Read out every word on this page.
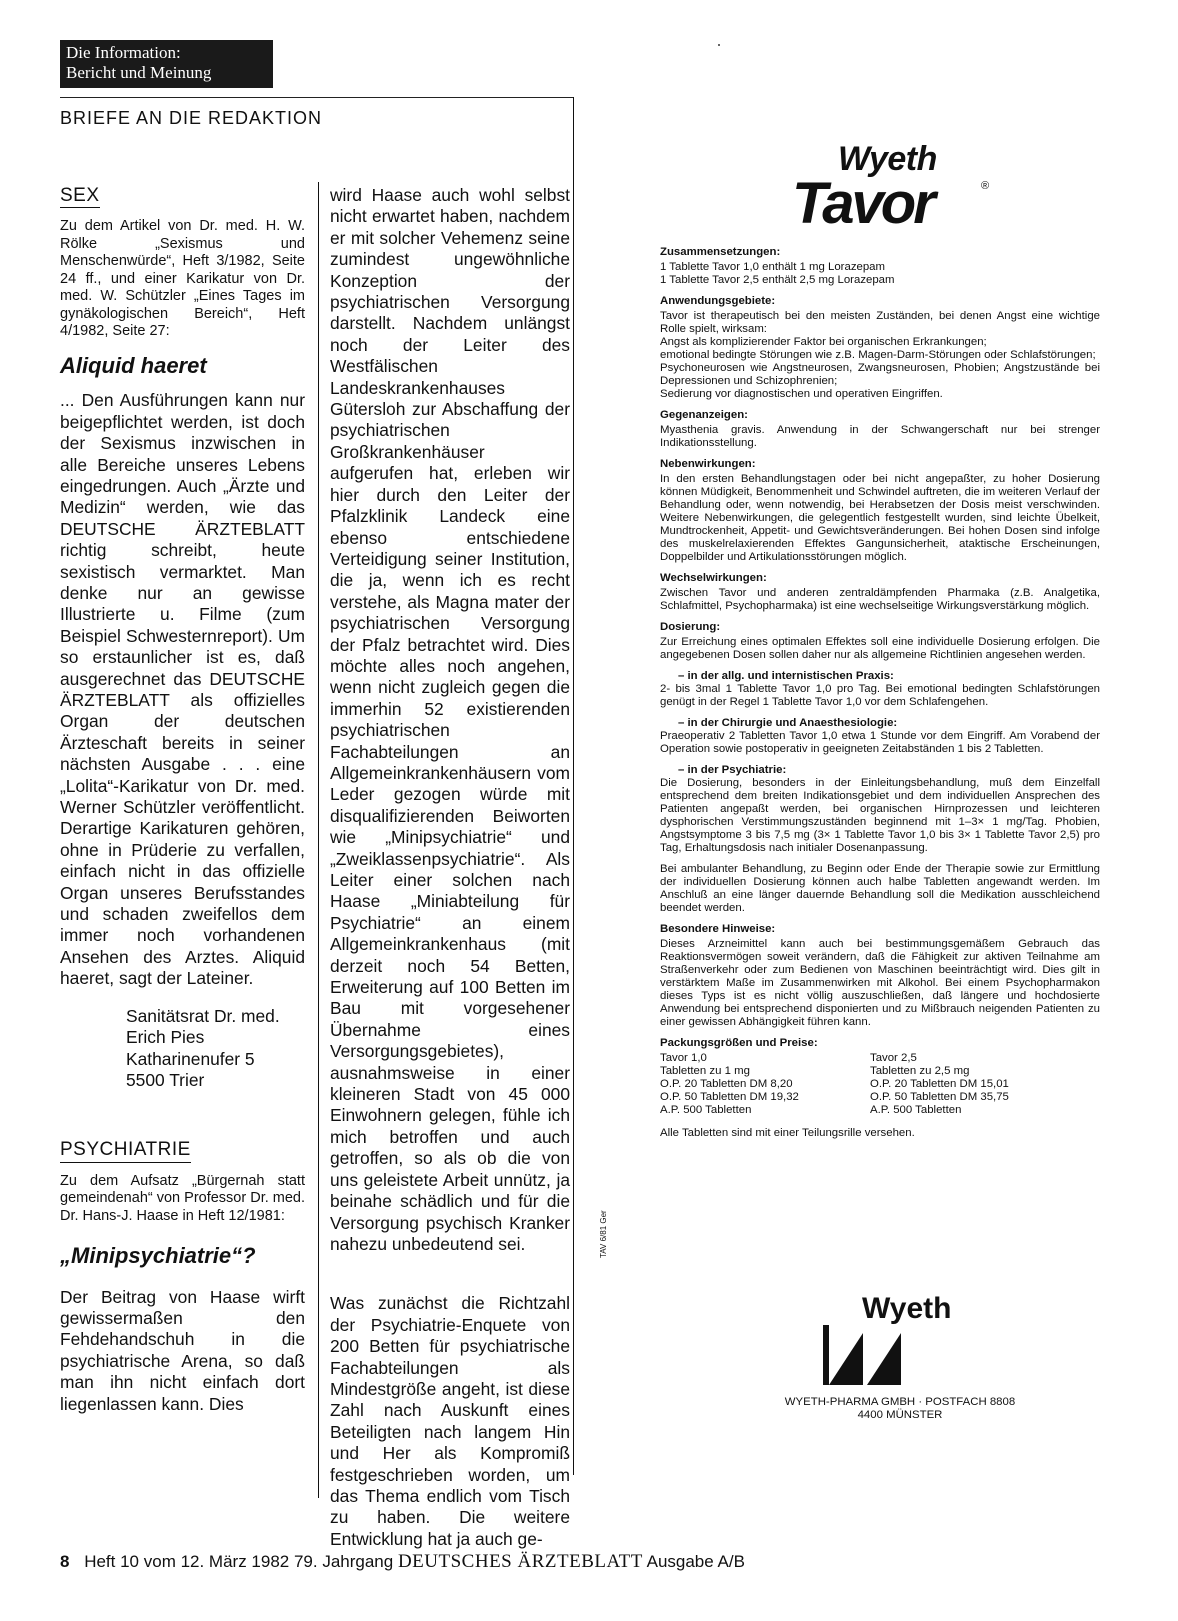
Die Information:
Bericht und Meinung
BRIEFE AN DIE REDAKTION
SEX

Zu dem Artikel von Dr. med. H. W. Rölke „Sexismus und Menschenwürde“, Heft 3/1982, Seite 24 ff., und einer Karikatur von Dr. med. W. Schützler „Eines Tages im gynäkologischen Bereich“, Heft 4/1982, Seite 27:

Aliquid haeret

... Den Ausführungen kann nur beigepflichtet werden, ist doch der Sexismus inzwischen in alle Bereiche unseres Lebens eingedrungen. Auch „Ärzte und Medizin“ werden, wie das DEUTSCHE ÄRZTEBLATT richtig schreibt, heute sexistisch vermarktet. Man denke nur an gewisse Illustrierte u. Filme (zum Beispiel Schwesternreport). Um so erstaunlicher ist es, daß ausgerechnet das DEUTSCHE ÄRZTEBLATT als offizielles Organ der deutschen Ärzteschaft bereits in seiner nächsten Ausgabe . . . eine „Lolita“-Karikatur von Dr. med. Werner Schützler veröffentlicht. Derartige Karikaturen gehören, ohne in Prüderie zu verfallen, einfach nicht in das offizielle Organ unseres Berufsstandes und schaden zweifellos dem immer noch vorhandenen Ansehen des Arztes. Aliquid haeret, sagt der Lateiner.

Sanitätsrat Dr. med.
Erich Pies
Katharinenufer 5
5500 Trier
PSYCHIATRIE

Zu dem Aufsatz „Bürgernah statt gemeindenah“ von Professor Dr. med. Dr. Hans-J. Haase in Heft 12/1981:

„Minipsychiatrie“?

Der Beitrag von Haase wirft gewissermaßen den Fehdehandschuh in die psychiatrische Arena, so daß man ihn nicht einfach dort liegenlassen kann. Dies

wird Haase auch wohl selbst nicht erwartet haben, nachdem er mit solcher Vehemenz seine zumindest ungewöhnliche Konzeption der psychiatrischen Versorgung darstellt. Nachdem unlängst noch der Leiter des Westfälischen Landeskrankenhauses Gütersloh zur Abschaffung der psychiatrischen Großkrankenhäuser aufgerufen hat, erleben wir hier durch den Leiter der Pfalzklinik Landeck eine ebenso entschiedene Verteidigung seiner Institution, die ja, wenn ich es recht verstehe, als Magna mater der psychiatrischen Versorgung der Pfalz betrachtet wird. Dies möchte alles noch angehen, wenn nicht zugleich gegen die immerhin 52 existierenden psychiatrischen Fachabteilungen an Allgemeinkrankenhäusern vom Leder gezogen würde mit disqualifizierenden Beiworten wie „Minipsychiatrie“ und „Zweiklassenpsychiatrie“. Als Leiter einer solchen nach Haase „Miniabteilung für Psychiatrie“ an einem Allgemeinkrankenhaus (mit derzeit noch 54 Betten, Erweiterung auf 100 Betten im Bau mit vorgesehener Übernahme eines Versorgungsgebietes), ausnahmsweise in einer kleineren Stadt von 45 000 Einwohnern gelegen, fühle ich mich betroffen und auch getroffen, so als ob die von uns geleistete Arbeit unnütz, ja beinahe schädlich und für die Versorgung psychisch Kranker nahezu unbedeutend sei.

Was zunächst die Richtzahl der Psychiatrie-Enquete von 200 Betten für psychiatrische Fachabteilungen als Mindestgröße angeht, ist diese Zahl nach Auskunft eines Beteiligten nach langem Hin und Her als Kompromiß festgeschrieben worden, um das Thema endlich vom Tisch zu haben. Die weitere Entwicklung hat ja auch ge-

TAV 6/81 Ger
Wyeth
Tavor	®
Zusammensetzungen:

1 Tablette Tavor 1,0 enthält 1 mg Lorazepam

1 Tablette Tavor 2,5 enthält 2,5 mg Lorazepam

Anwendungsgebiete:

Tavor ist therapeutisch bei den meisten Zuständen, bei denen Angst eine wichtige Rolle spielt, wirksam:

Angst als komplizierender Faktor bei organischen Erkrankungen;

emotional bedingte Störungen wie z.B. Magen-Darm-Störungen oder Schlafstörungen;

Psychoneurosen wie Angstneurosen, Zwangsneurosen, Phobien; Angstzustände bei Depressionen und Schizophrenien;

Sedierung vor diagnostischen und operativen Eingriffen.

Gegenanzeigen:

Myasthenia gravis. Anwendung in der Schwangerschaft nur bei strenger Indikationsstellung.

Nebenwirkungen:

In den ersten Behandlungstagen oder bei nicht angepaßter, zu hoher Dosierung können Müdigkeit, Benommenheit und Schwindel auftreten, die im weiteren Verlauf der Behandlung oder, wenn notwendig, bei Herabsetzen der Dosis meist verschwinden. Weitere Nebenwirkungen, die gelegentlich festgestellt wurden, sind leichte Übelkeit, Mundtrockenheit, Appetit- und Gewichtsveränderungen. Bei hohen Dosen sind infolge des muskelrelaxierenden Effektes Gangunsicherheit, ataktische Erscheinungen, Doppelbilder und Artikulationsstörungen möglich.

Wechselwirkungen:

Zwischen Tavor und anderen zentraldämpfenden Pharmaka (z.B. Analgetika, Schlafmittel, Psychopharmaka) ist eine wechselseitige Wirkungsverstärkung möglich.

Dosierung:

Zur Erreichung eines optimalen Effektes soll eine individuelle Dosierung erfolgen. Die angegebenen Dosen sollen daher nur als allgemeine Richtlinien angesehen werden.

– in der allg. und internistischen Praxis:

2- bis 3mal 1 Tablette Tavor 1,0 pro Tag. Bei emotional bedingten Schlafstörungen genügt in der Regel 1 Tablette Tavor 1,0 vor dem Schlafengehen.

– in der Chirurgie und Anaesthesiologie:

Praeoperativ 2 Tabletten Tavor 1,0 etwa 1 Stunde vor dem Eingriff. Am Vorabend der Operation sowie postoperativ in geeigneten Zeitabständen 1 bis 2 Tabletten.

– in der Psychiatrie:

Die Dosierung, besonders in der Einleitungsbehandlung, muß dem Einzelfall entsprechend dem breiten Indikationsgebiet und dem individuellen Ansprechen des Patienten angepaßt werden, bei organischen Hirnprozessen und leichteren dysphorischen Verstimmungszuständen beginnend mit 1–3× 1 mg/Tag. Phobien, Angstsymptome 3 bis 7,5 mg (3× 1 Tablette Tavor 1,0 bis 3× 1 Tablette Tavor 2,5) pro Tag, Erhaltungsdosis nach initialer Dosenanpassung.

Bei ambulanter Behandlung, zu Beginn oder Ende der Therapie sowie zur Ermittlung der individuellen Dosierung können auch halbe Tabletten angewandt werden. Im Anschluß an eine länger dauernde Behandlung soll die Medikation ausschleichend beendet werden.

Besondere Hinweise:

Dieses Arzneimittel kann auch bei bestimmungsgemäßem Gebrauch das Reaktionsvermögen soweit verändern, daß die Fähigkeit zur aktiven Teilnahme am Straßenverkehr oder zum Bedienen von Maschinen beeinträchtigt wird. Dies gilt in verstärktem Maße im Zusammenwirken mit Alkohol. Bei einem Psychopharmakon dieses Typs ist es nicht völlig auszuschließen, daß längere und hochdosierte Anwendung bei entsprechend disponierten und zu Mißbrauch neigenden Patienten zu einer gewissen Abhängigkeit führen kann.

Packungsgrößen und Preise:
Tavor 1,0
Tabletten zu 1 mg
O.P. 20 Tabletten DM 8,20
O.P. 50 Tabletten DM 19,32
A.P. 500 Tabletten
Tavor 2,5
Tabletten zu 2,5 mg
O.P. 20 Tabletten DM 15,01
O.P. 50 Tabletten DM 35,75
A.P. 500 Tabletten

Alle Tabletten sind mit einer Teilungsrille versehen.

Wyeth
WYETH-PHARMA GMBH · POSTFACH 8808
4400 MÜNSTER
8 Heft 10 vom 12. März 1982 79. Jahrgang DEUTSCHES ÄRZTEBLATT Ausgabe A/B
